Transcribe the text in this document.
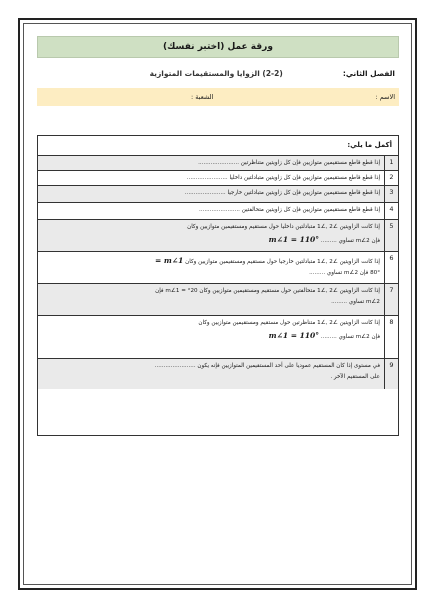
ورقة عمل (اختبر نفسك)
الفصل الثاني:
(2-2) الزوايا والمستقيمات المتوازية
الاسم :
الشعبة :
أكمل ما يلي:
1
إذا قطع قاطع مستقيمين متوازيين فإن كل زاويتين متناظرتين .......................
2
إذا قطع قاطع مستقيمين متوازيين فإن كل زاويتين متبادلتين داخليا .......................
3
إذا قطع قاطع مستقيمين متوازيين فإن كل زاويتين متبادلتين خارجيا .......................
4
إذا قطع قاطع مستقيمين متوازيين فإن كل زاويتين متحالفتين .......................
5
إذا كانت الزاويتين ∠2 ,∠1 متبادلتين داخليا حول مستقيم ومستقيمين متوازيين وكان
فإن m∠2 تساوي ......... m∠1 = 110°
6
إذا كانت الزاويتين ∠2 ,∠1 متبادلتين خارجيا حول مستقيم ومستقيمين متوازيين وكان m∠1 =
80° فإن m∠2 تساوي .........
7
إذا كانت الزاويتين ∠2 ,∠1 متحالفتين حول مستقيم ومستقيمين متوازيين وكان 20° = m∠1 فإن
m∠2 تساوي .........
8
إذا كانت الزاويتين ∠2 ,∠1 متناظرتين حول مستقيم ومستقيمين متوازيين وكان
فإن m∠2 تساوي ......... m∠1 = 110°
9
في مستوى إذا كان المستقيم عموديا على أحد المستقيمين المتوازيين فإنه يكون .......................
على المستقيم الآخر .
